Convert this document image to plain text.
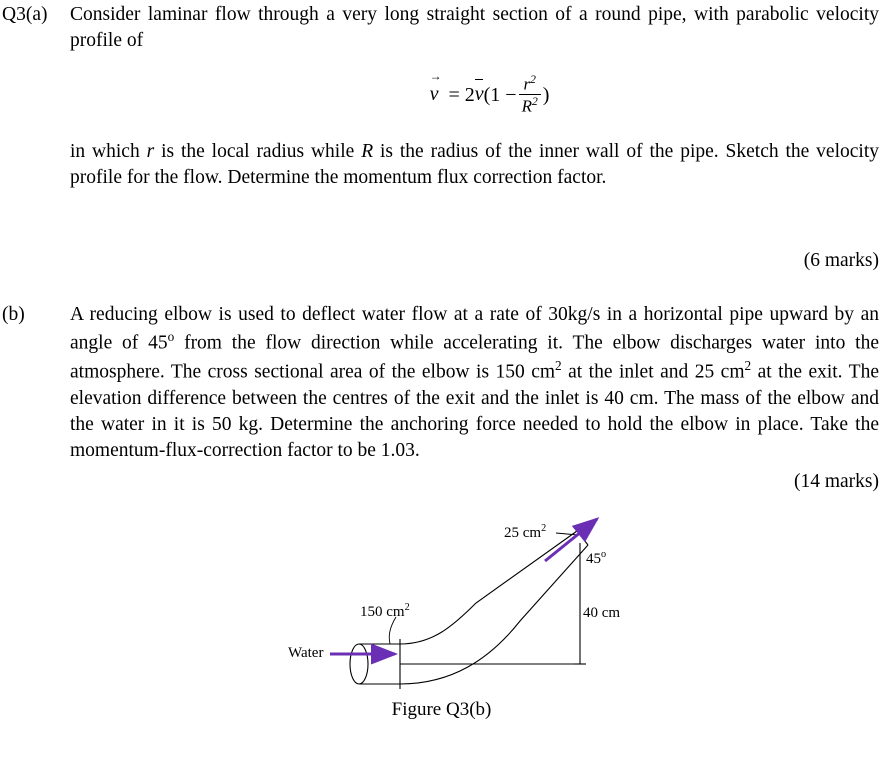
Q3(a)	Consider laminar flow through a very long straight section of a round pipe, with parabolic velocity profile of
v →  = $2v(1 - \frac{r^2}{R^2}$ )
in which r is the local radius while R is the radius of the inner wall of the pipe. Sketch the velocity profile for the flow. Determine the momentum flux correction factor.
(6 marks)
(b)	A reducing elbow is used to deflect water flow at a rate of 30kg/s in a horizontal pipe upward by an angle of 45$^o$ from the flow direction while accelerating it. The elbow discharges water into the atmosphere. The cross sectional area of the elbow is 150 $cm^2$ at the inlet and 25 $cm^2$ at the exit. The elevation difference between the centres of the exit and the inlet is 40 cm. The mass of the elbow and the water in it is 50 kg. Determine the anchoring force needed to hold the elbow in place. Take the momentum-flux-correction factor to be 1.03.
(14 marks)
25 $cm^2$
150 $cm^2$	40 cm
45$^o$
Water
Figure Q3(b)
